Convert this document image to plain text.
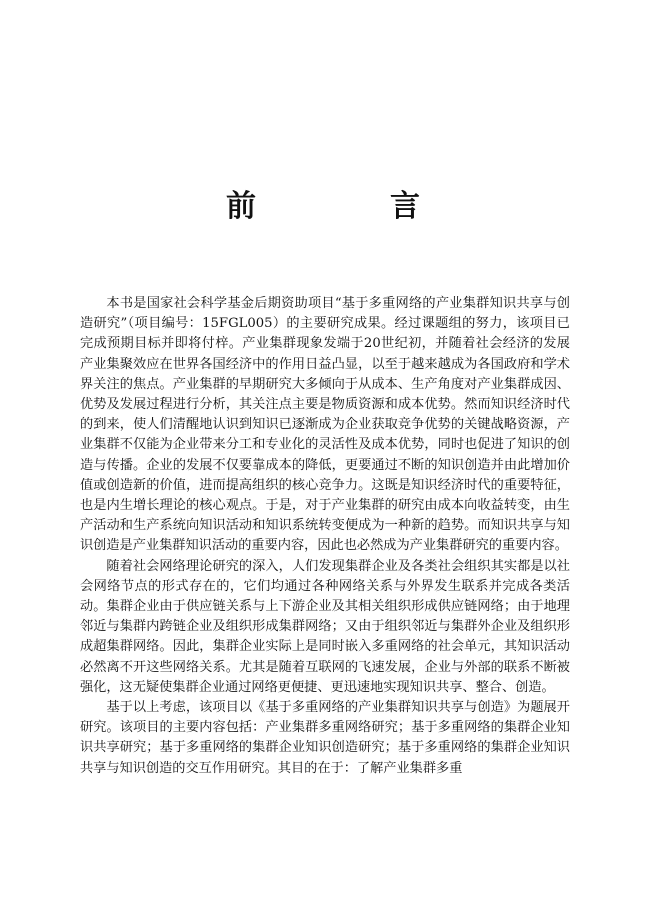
前　言

本书是国家社会科学基金后期资助项目“基于多重网络的产业集群知识共享与创造研究”（项目编号：15FGL005）的主要研究成果。经过课题组的努力，该项目已完成预期目标并即将付梓。产业集群现象发端于20世纪初，并随着社会经济的发展产业集聚效应在世界各国经济中的作用日益凸显，以至于越来越成为各国政府和学术界关注的焦点。产业集群的早期研究大多倾向于从成本、生产角度对产业集群成因、优势及发展过程进行分析，其关注点主要是物质资源和成本优势。然而知识经济时代的到来，使人们清醒地认识到知识已逐渐成为企业获取竞争优势的关键战略资源，产业集群不仅能为企业带来分工和专业化的灵活性及成本优势，同时也促进了知识的创造与传播。企业的发展不仅要靠成本的降低，更要通过不断的知识创造并由此增加价值或创造新的价值，进而提高组织的核心竞争力。这既是知识经济时代的重要特征，也是内生增长理论的核心观点。于是，对于产业集群的研究由成本向收益转变，由生产活动和生产系统向知识活动和知识系统转变便成为一种新的趋势。而知识共享与知识创造是产业集群知识活动的重要内容，因此也必然成为产业集群研究的重要内容。

随着社会网络理论研究的深入，人们发现集群企业及各类社会组织其实都是以社会网络节点的形式存在的，它们均通过各种网络关系与外界发生联系并完成各类活动。集群企业由于供应链关系与上下游企业及其相关组织形成供应链网络；由于地理邻近与集群内跨链企业及组织形成集群网络；又由于组织邻近与集群外企业及组织形成超集群网络。因此，集群企业实际上是同时嵌入多重网络的社会单元，其知识活动必然离不开这些网络关系。尤其是随着互联网的飞速发展，企业与外部的联系不断被强化，这无疑使集群企业通过网络更便捷、更迅速地实现知识共享、整合、创造。

基于以上考虑，该项目以《基于多重网络的产业集群知识共享与创造》为题展开研究。该项目的主要内容包括：产业集群多重网络研究；基于多重网络的集群企业知识共享研究；基于多重网络的集群企业知识创造研究；基于多重网络的集群企业知识共享与知识创造的交互作用研究。其目的在于：了解产业集群多重
